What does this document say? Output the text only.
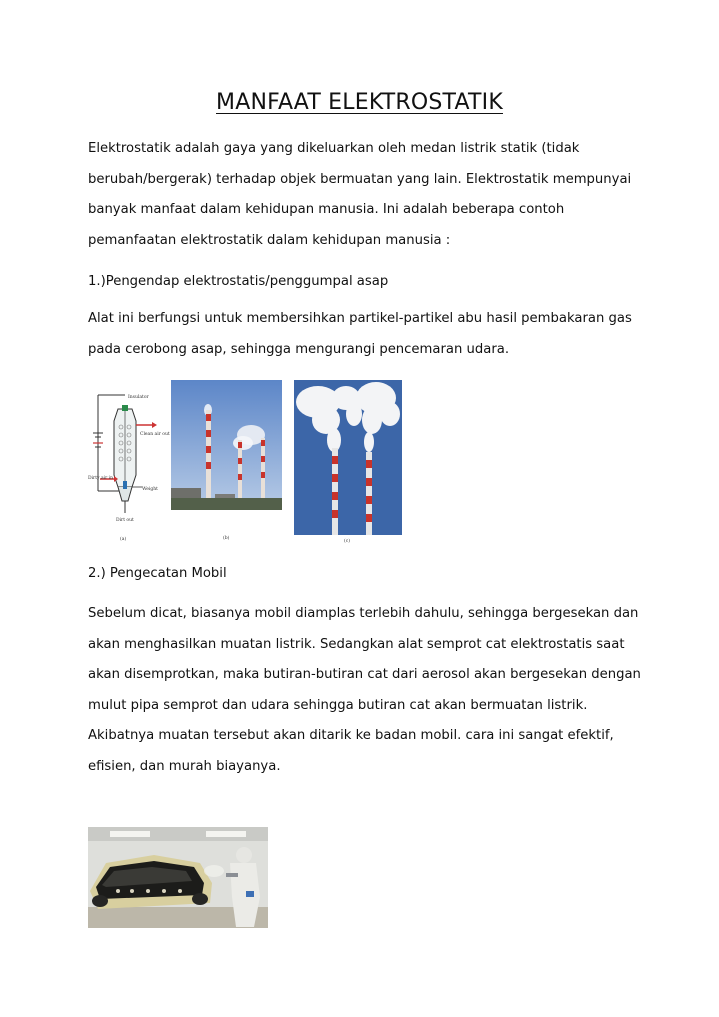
MANFAAT ELEKTROSTATIK

Elektrostatik adalah gaya yang dikeluarkan oleh medan listrik statik (tidak berubah/bergerak) terhadap objek bermuatan yang lain. Elektrostatik mempunyai banyak manfaat dalam kehidupan manusia. Ini adalah beberapa contoh pemanfaatan elektrostatik dalam kehidupan manusia :

1.)Pengendap elektrostatis/penggumpal asap

Alat ini berfungsi untuk membersihkan partikel-partikel abu hasil pembakaran gas pada cerobong asap, sehingga mengurangi pencemaran udara.

Insulator
Clean air out
Dirty air in
Weight
Dirt out
(a)	(b)
(c)

2.) Pengecatan Mobil

Sebelum dicat, biasanya mobil diamplas terlebih dahulu, sehingga bergesekan dan akan menghasilkan muatan listrik. Sedangkan alat semprot cat elektrostatis saat akan disemprotkan, maka butiran-butiran cat dari aerosol akan bergesekan dengan mulut pipa semprot dan udara sehingga butiran cat akan bermuatan listrik. Akibatnya muatan tersebut akan ditarik ke badan mobil. cara ini sangat efektif, efisien, dan murah biayanya.
